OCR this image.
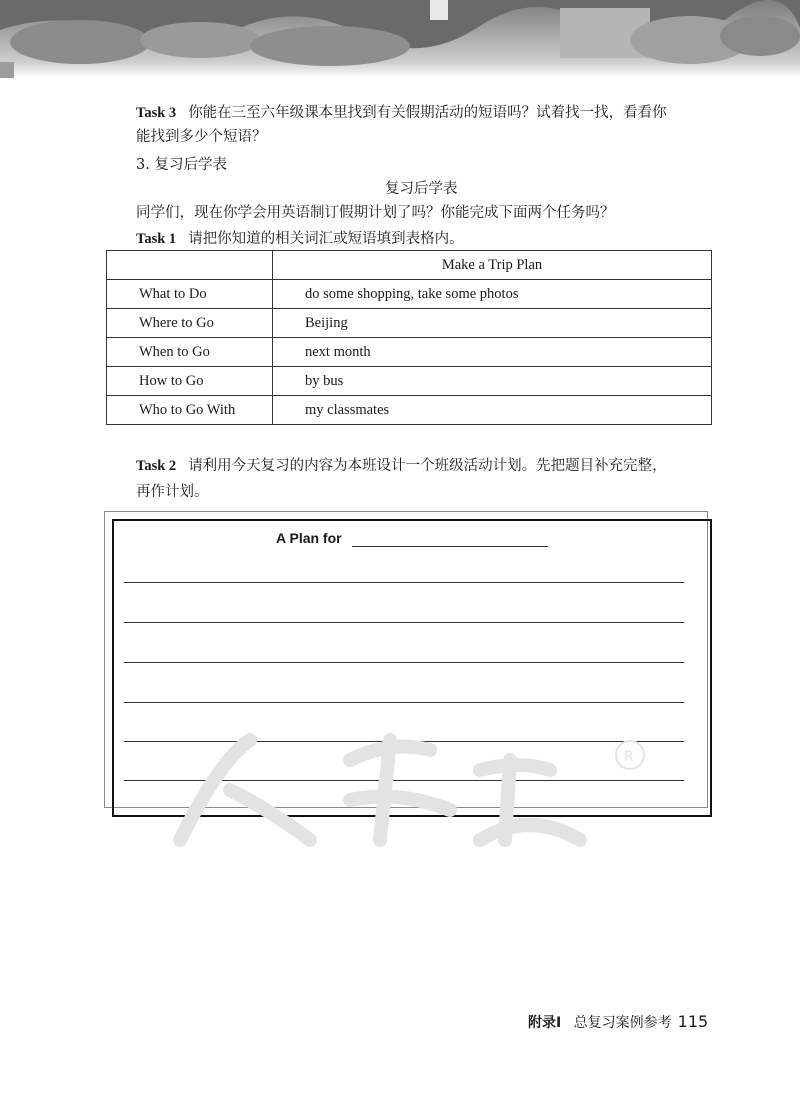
Task 3 你能在三至六年级课本里找到有关假期活动的短语吗？试着找一找，看看你

能找到多少个短语？

3. 复习后学表

复习后学表

同学们，现在你学会用英语制订假期计划了吗？你能完成下面两个任务吗？

Task 1 请把你知道的相关词汇或短语填到表格内。

	Make a Trip Plan
What to Do	do some shopping, take some photos
Where to Go	Beijing
When to Go	next month
How to Go	by bus
Who to Go With	my classmates

Task 2 请利用今天复习的内容为本班设计一个班级活动计划。先把题目补充完整，

再作计划。

A Plan for
R
附录Ⅰ 总复习案例参考 115
